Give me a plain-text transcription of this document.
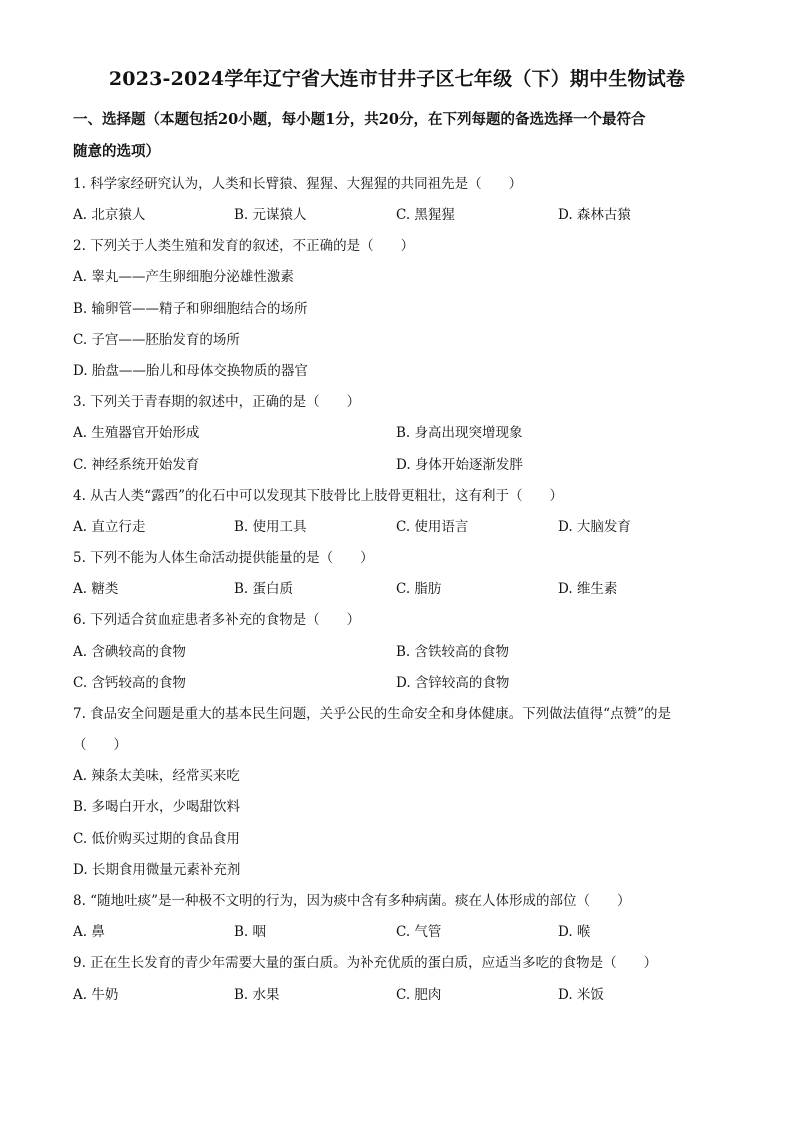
2023-2024学年辽宁省大连市甘井子区七年级（下）期中生物试卷
一、选择题（本题包括20小题，每小题1分，共20分，在下列每题的备选选择一个最符合
随意的选项）
1. 科学家经研究认为，人类和长臂猿、猩猩、大猩猩的共同祖先是（　　）
A. 北京猿人	B. 元谋猿人	C. 黑猩猩	D. 森林古猿
2. 下列关于人类生殖和发育的叙述，不正确的是（　　）
A. 睾丸——产生卵细胞分泌雄性激素
B. 输卵管——精子和卵细胞结合的场所
C. 子宫——胚胎发育的场所
D. 胎盘——胎儿和母体交换物质的器官
3. 下列关于青春期的叙述中，正确的是（　　）
A. 生殖器官开始形成	B. 身高出现突增现象
C. 神经系统开始发育	D. 身体开始逐渐发胖
4. 从古人类“露西”的化石中可以发现其下肢骨比上肢骨更粗壮，这有利于（　　）
A. 直立行走	B. 使用工具	C. 使用语言	D. 大脑发育
5. 下列不能为人体生命活动提供能量的是（　　）
A. 糖类	B. 蛋白质	C. 脂肪	D. 维生素
6. 下列适合贫血症患者多补充的食物是（　　）
A. 含碘较高的食物	B. 含铁较高的食物
C. 含钙较高的食物	D. 含锌较高的食物
7. 食品安全问题是重大的基本民生问题，关乎公民的生命安全和身体健康。下列做法值得“点赞”的是
（　　）
A. 辣条太美味，经常买来吃
B. 多喝白开水，少喝甜饮料
C. 低价购买过期的食品食用
D. 长期食用微量元素补充剂
8. “随地吐痰”是一种极不文明的行为，因为痰中含有多种病菌。痰在人体形成的部位（　　）
A. 鼻	B. 咽	C. 气管	D. 喉
9. 正在生长发育的青少年需要大量的蛋白质。为补充优质的蛋白质，应适当多吃的食物是（　　）
A. 牛奶	B. 水果	C. 肥肉	D. 米饭
